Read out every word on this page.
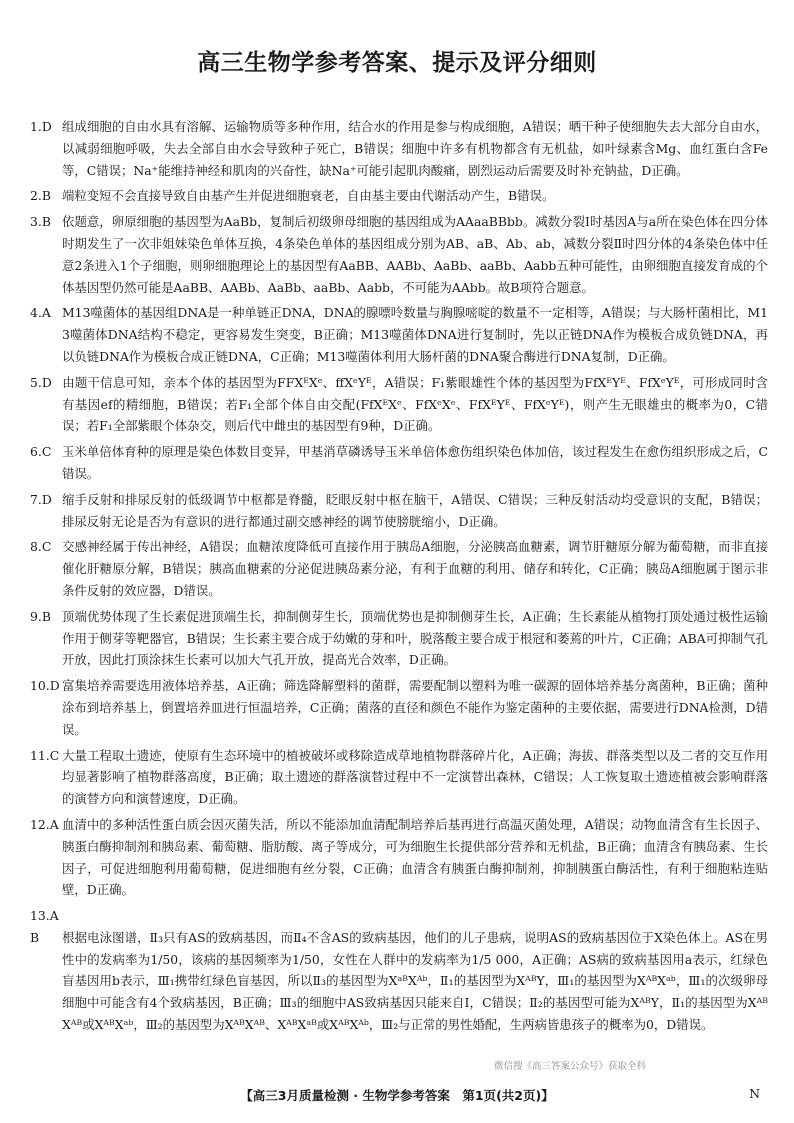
高三生物学参考答案、提示及评分细则

1.D 组成细胞的自由水具有溶解、运输物质等多种作用，结合水的作用是参与构成细胞，A错误；晒干种子使细胞失去大部分自由水，以减弱细胞呼吸，失去全部自由水会导致种子死亡，B错误；细胞中许多有机物都含有无机盐，如叶绿素含Mg、血红蛋白含Fe等，C错误；Na⁺能维持神经和肌肉的兴奋性，缺Na⁺可能引起肌肉酸痛，剧烈运动后需要及时补充钠盐，D正确。

2.B 端粒变短不会直接导致自由基产生并促进细胞衰老，自由基主要由代谢活动产生，B错误。

3.B 依题意，卵原细胞的基因型为AaBb，复制后初级卵母细胞的基因组成为AAaaBBbb。减数分裂Ⅰ时基因A与a所在染色体在四分体时期发生了一次非姐妹染色单体互换，4条染色单体的基因组成分别为AB、aB、Ab、ab，减数分裂Ⅱ时四分体的4条染色体中任意2条进入1个子细胞，则卵细胞理论上的基因型有AaBB、AABb、AaBb、aaBb、Aabb五种可能性，由卵细胞直接发育成的个体基因型仍然可能是AaBB、AABb、AaBb、aaBb、Aabb，不可能为AAbb。故B项符合题意。

4.A M13噬菌体的基因组DNA是一种单链正DNA，DNA的腺嘌呤数量与胸腺嘧啶的数量不一定相等，A错误；与大肠杆菌相比，M13噬菌体DNA结构不稳定，更容易发生突变，B正确；M13噬菌体DNA进行复制时，先以正链DNA作为模板合成负链DNA，再以负链DNA作为模板合成正链DNA，C正确；M13噬菌体利用大肠杆菌的DNA聚合酶进行DNA复制，D正确。

5.D 由题干信息可知，亲本个体的基因型为FFXᴱXᵉ、ffXᵉYᴱ，A错误；F₁紫眼雄性个体的基因型为FfXᴱYᴱ、FfXᵉYᴱ，可形成同时含有基因ef的精细胞，B错误；若F₁全部个体自由交配(FfXᴱXᵉ、FfXᵉXᵉ、FfXᴱYᴱ、FfXᵉYᴱ)，则产生无眼雄虫的概率为0，C错误；若F₁全部紫眼个体杂交，则后代中雌虫的基因型有9种，D正确。

6.C 玉米单倍体育种的原理是染色体数目变异，甲基消草磷诱导玉米单倍体愈伤组织染色体加倍，该过程发生在愈伤组织形成之后，C错误。

7.D 缩手反射和排尿反射的低级调节中枢都是脊髓，眨眼反射中枢在脑干，A错误、C错误；三种反射活动均受意识的支配，B错误；排尿反射无论是否为有意识的进行都通过副交感神经的调节使膀胱缩小，D正确。

8.C 交感神经属于传出神经，A错误；血糖浓度降低可直接作用于胰岛A细胞，分泌胰高血糖素，调节肝糖原分解为葡萄糖，而非直接催化肝糖原分解，B错误；胰高血糖素的分泌促进胰岛素分泌，有利于血糖的利用、储存和转化，C正确；胰岛A细胞属于图示非条件反射的效应器，D错误。

9.B 顶端优势体现了生长素促进顶端生长，抑制侧芽生长，顶端优势也是抑制侧芽生长，A正确；生长素能从植物打顶处通过极性运输作用于侧芽等靶器官，B错误；生长素主要合成于幼嫩的芽和叶，脱落酸主要合成于根冠和萎蔫的叶片，C正确；ABA可抑制气孔开放，因此打顶涂抹生长素可以加大气孔开放，提高光合效率，D正确。

10.D 富集培养需要选用液体培养基，A正确；筛选降解塑料的菌群，需要配制以塑料为唯一碳源的固体培养基分离菌种，B正确；菌种涂布到培养基上，倒置培养皿进行恒温培养，C正确；菌落的直径和颜色不能作为鉴定菌种的主要依据，需要进行DNA检测，D错误。

11.C 大量工程取土遗迹，使原有生态环境中的植被破坏或移除造成草地植物群落碎片化，A正确；海拔、群落类型以及二者的交互作用均显著影响了植物群落高度，B正确；取土遗迹的群落演替过程中不一定演替出森林，C错误；人工恢复取土遗迹植被会影响群落的演替方向和演替速度，D正确。

12.A 血清中的多种活性蛋白质会因灭菌失活，所以不能添加血清配制培养后基再进行高温灭菌处理，A错误；动物血清含有生长因子、胰蛋白酶抑制剂和胰岛素、葡萄糖、脂肪酸、离子等成分，可为细胞生长提供部分营养和无机盐，B正确；血清含有胰岛素、生长因子，可促进细胞利用葡萄糖，促进细胞有丝分裂，C正确；血清含有胰蛋白酶抑制剂，抑制胰蛋白酶活性，有利于细胞粘连贴壁，D正确。

13.AB 根据电泳图谱，Ⅱ₃只有AS的致病基因，而Ⅱ₄不含AS的致病基因，他们的儿子患病，说明AS的致病基因位于X染色体上。AS在男性中的发病率为1/50，该病的基因频率为1/50，女性在人群中的发病率为1/5 000，A正确；AS病的致病基因用a表示，红绿色盲基因用b表示，Ⅲ₁携带红绿色盲基因，所以Ⅱ₃的基因型为XᵃᴮXᴬᵇ，Ⅱ₁的基因型为XᴬᴮY，Ⅲ₁的基因型为XᴬᴮXᵃᵇ，Ⅲ₁的次级卵母细胞中可能含有4个致病基因，B正确；Ⅲ₃的细胞中AS致病基因只能来自Ⅰ，C错误；Ⅱ₂的基因型可能为XᴬᴮY，Ⅱ₁的基因型为XᴬᴮXᴬᴮ或XᴬᴮXᵃᵇ，Ⅲ₂的基因型为XᴬᴮXᴬᴮ、XᴬᴮXᵃᴮ或XᴬᴮXᴬᵇ，Ⅲ₂与正常的男性婚配，生两病皆患孩子的概率为0，D错误。

微信搜《高三答案公众号》获取全科
【高三3月质量检测 · 生物学参考答案　第1页(共2页)】	N
